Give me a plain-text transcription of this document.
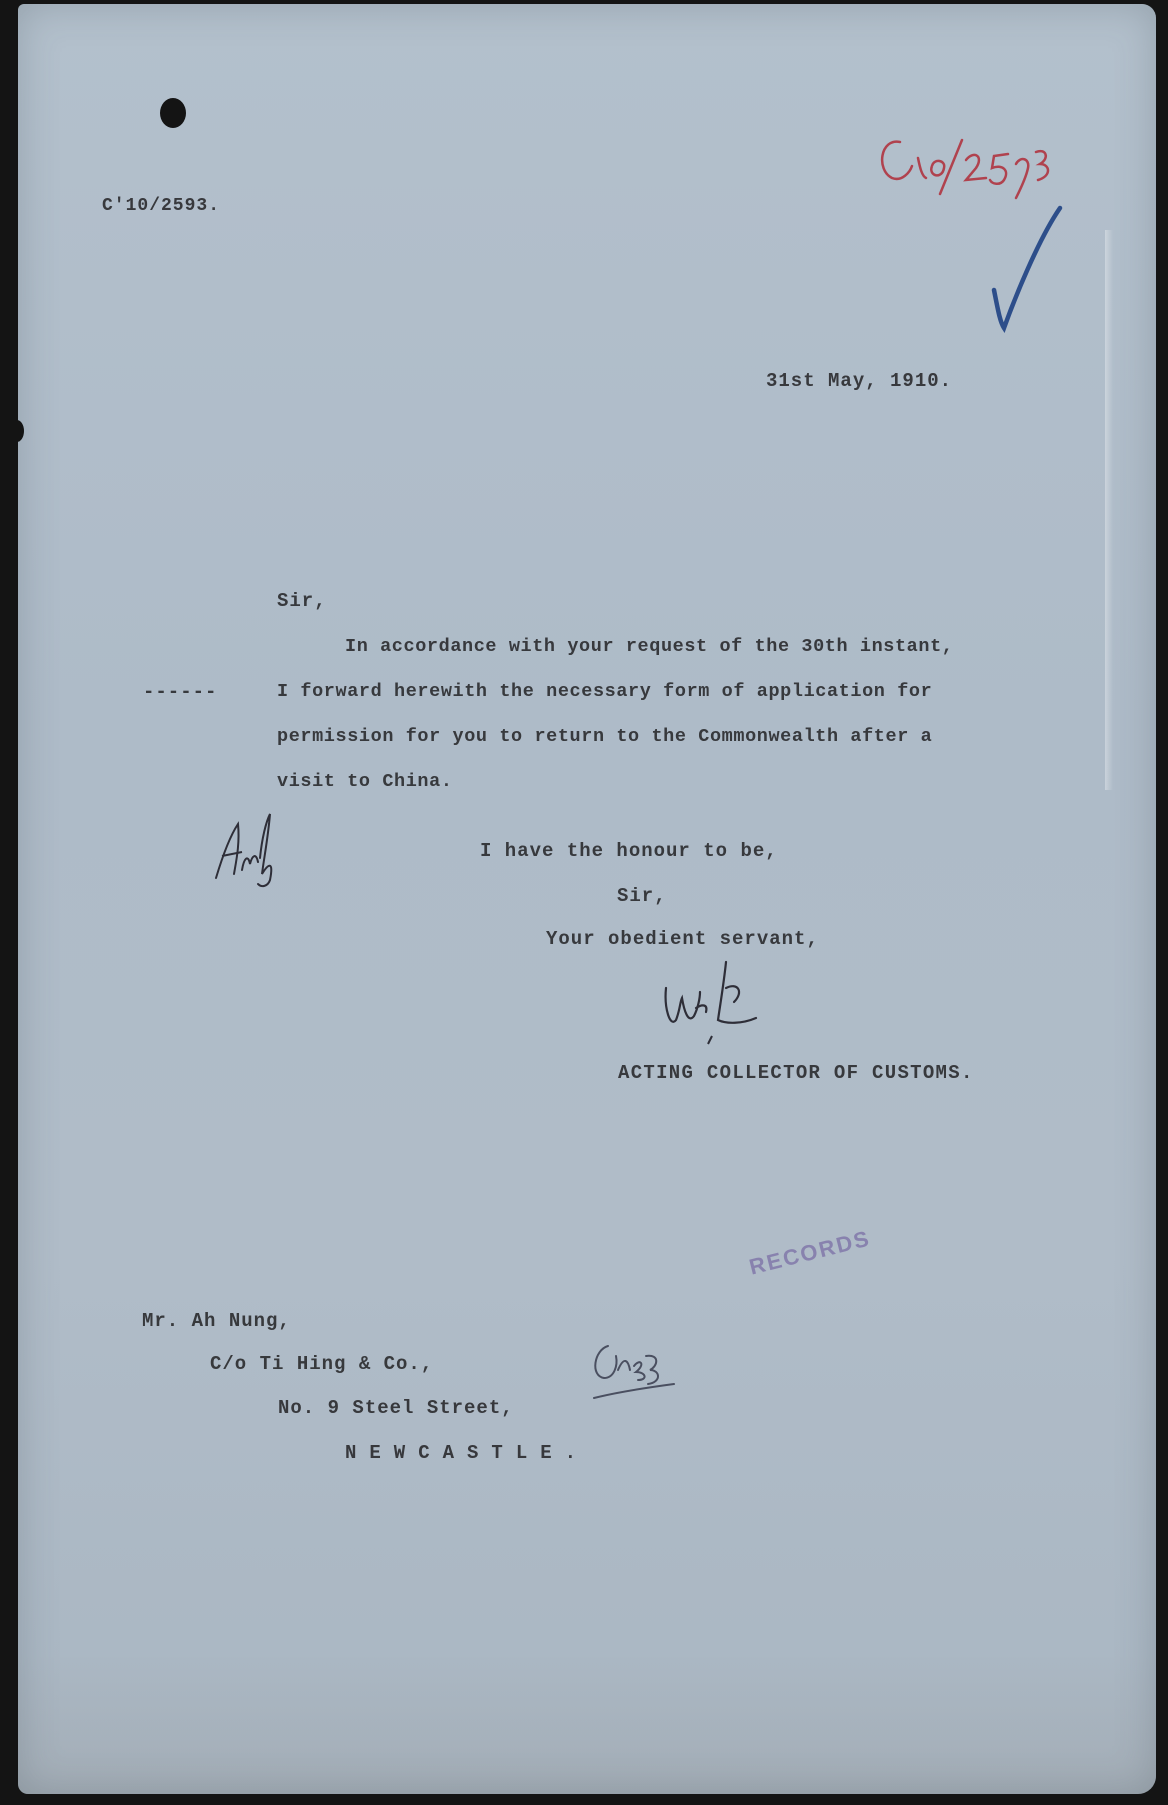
C'10/2593.
31st May, 1910.
Sir,
In accordance with your request of the 30th instant,
------	I forward herewith the necessary form of application for
permission for you to return to the Commonwealth after a
visit to China.
I have the honour to be,
Sir,
Your obedient servant,
ACTING COLLECTOR OF CUSTOMS.
RECORDS
Mr. Ah Nung,
C/o Ti Hing & Co.,
No. 9 Steel Street,
NEWCASTLE.
